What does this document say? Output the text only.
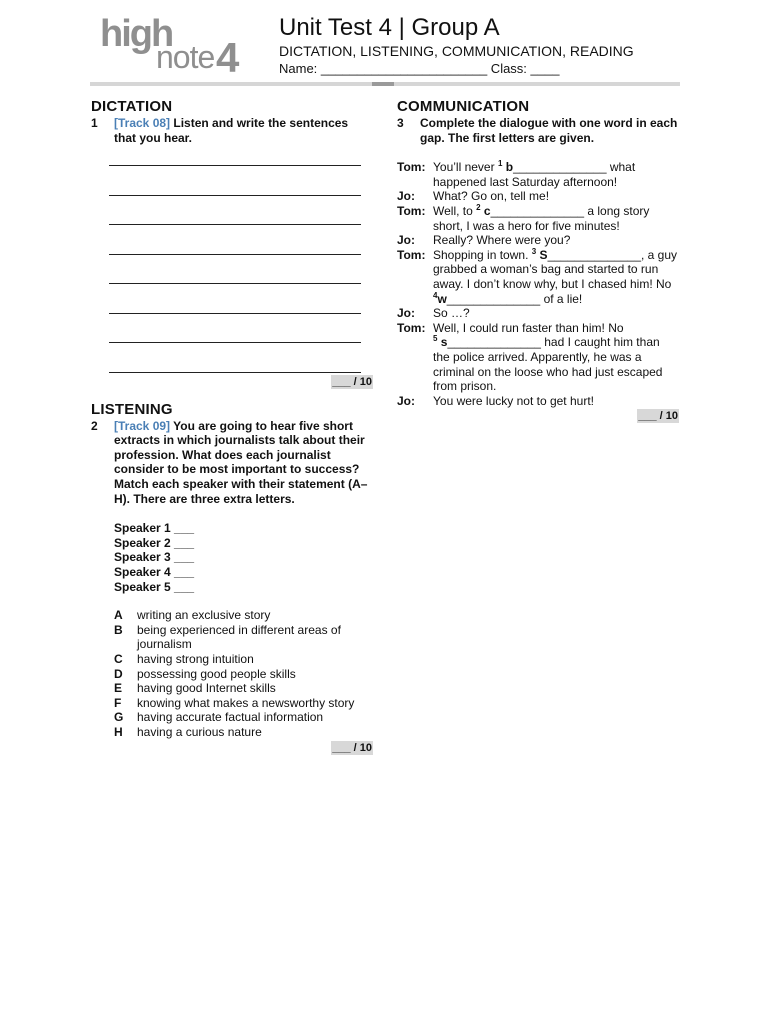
high
note 4
Unit Test 4 | Group A
DICTATION, LISTENING, COMMUNICATION, READING
Name: _______________________ Class: ____
DICTATION
1	[Track 08] Listen and write the sentences that you hear.
___ / 10
LISTENING
2	[Track 09] You are going to hear five short extracts in which journalists talk about their profession. What does each journalist consider to be most important to success? Match each speaker with their statement (A–H). There are three extra letters.
Speaker 1 ___
Speaker 2 ___
Speaker 3 ___
Speaker 4 ___
Speaker 5 ___
A	writing an exclusive story
B	being experienced in different areas of journalism
C	having strong intuition
D	possessing good people skills
E	having good Internet skills
F	knowing what makes a newsworthy story
G	having accurate factual information
H	having a curious nature
___ / 10
COMMUNICATION
3	Complete the dialogue with one word in each gap. The first letters are given.
Tom: You’ll never $^1$ b______________ what happened last Saturday afternoon!
Jo:	What? Go on, tell me!
Tom: Well, to $^2$ c______________ a long story short, I was a hero for five minutes!
Jo:	Really? Where were you?
Tom: Shopping in town. $^3$ S______________, a guy grabbed a woman’s bag and started to run away. I don’t know why, but I chased him! No
$^4$w______________ of a lie!
Jo:	So …?
Tom: Well, I could run faster than him! No
$^5$ s______________ had I caught him than the police arrived. Apparently, he was a criminal on the loose who had just escaped from prison.
Jo:	You were lucky not to get hurt!
___ / 10
